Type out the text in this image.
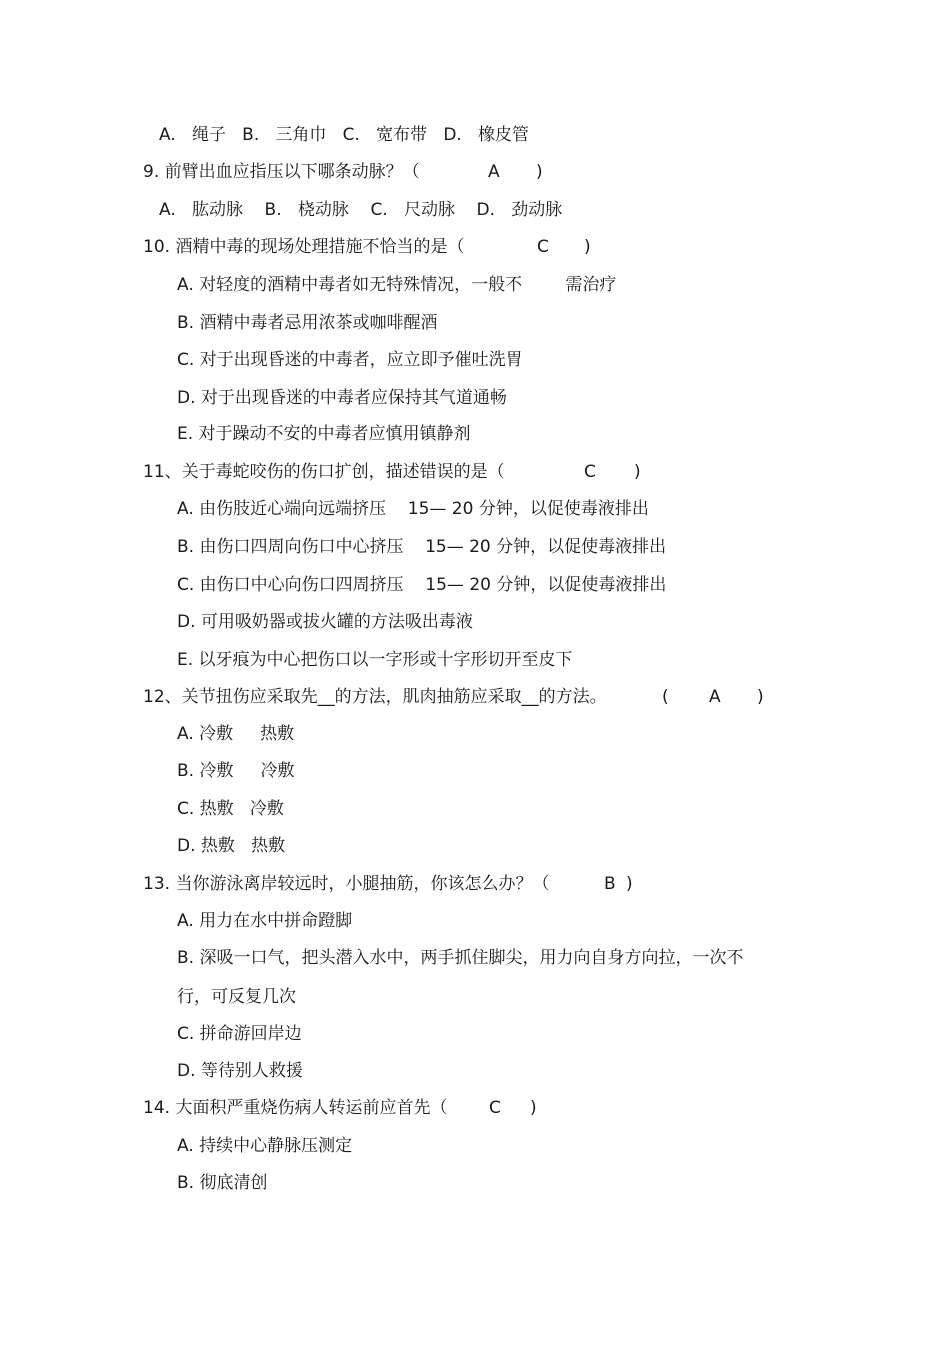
A.   绳子   B.   三角巾   C.   宽布带   D.   橡皮管
9. 前臂出血应指压以下哪条动脉？（	A )
A.   肱动脉    B.   桡动脉    C.   尺动脉    D.   劲动脉
10. 酒精中毒的现场处理措施不恰当的是（	C )
A. 对轻度的酒精中毒者如无特殊情况，一般不        需治疗
B. 酒精中毒者忌用浓茶或咖啡醒酒
C. 对于出现昏迷的中毒者，应立即予催吐洗胃
D. 对于出现昏迷的中毒者应保持其气道通畅
E. 对于躁动不安的中毒者应慎用镇静剂
11、关于毒蛇咬伤的伤口扩创，描述错误的是（	C )
A. 由伤肢近心端向远端挤压    15— 20 分钟，以促使毒液排出
B. 由伤口四周向伤口中心挤压    15— 20 分钟，以促使毒液排出
C. 由伤口中心向伤口四周挤压    15— 20 分钟，以促使毒液排出
D. 可用吸奶器或拔火罐的方法吸出毒液
E. 以牙痕为中心把伤口以一字形或十字形切开至皮下
12、关节扭伤应采取先__的方法，肌肉抽筋应采取__的方法。	( A )
A. 冷敷     热敷
B. 冷敷     冷敷
C. 热敷   冷敷
D. 热敷   热敷
13. 当你游泳离岸较远时，小腿抽筋，你该怎么办？（	B )
A. 用力在水中拼命蹬脚
B. 深吸一口气，把头潜入水中，两手抓住脚尖，用力向自身方向拉，一次不
行，可反复几次
C. 拼命游回岸边
D. 等待别人救援
14. 大面积严重烧伤病人转运前应首先（ C )
A. 持续中心静脉压测定
B. 彻底清创
